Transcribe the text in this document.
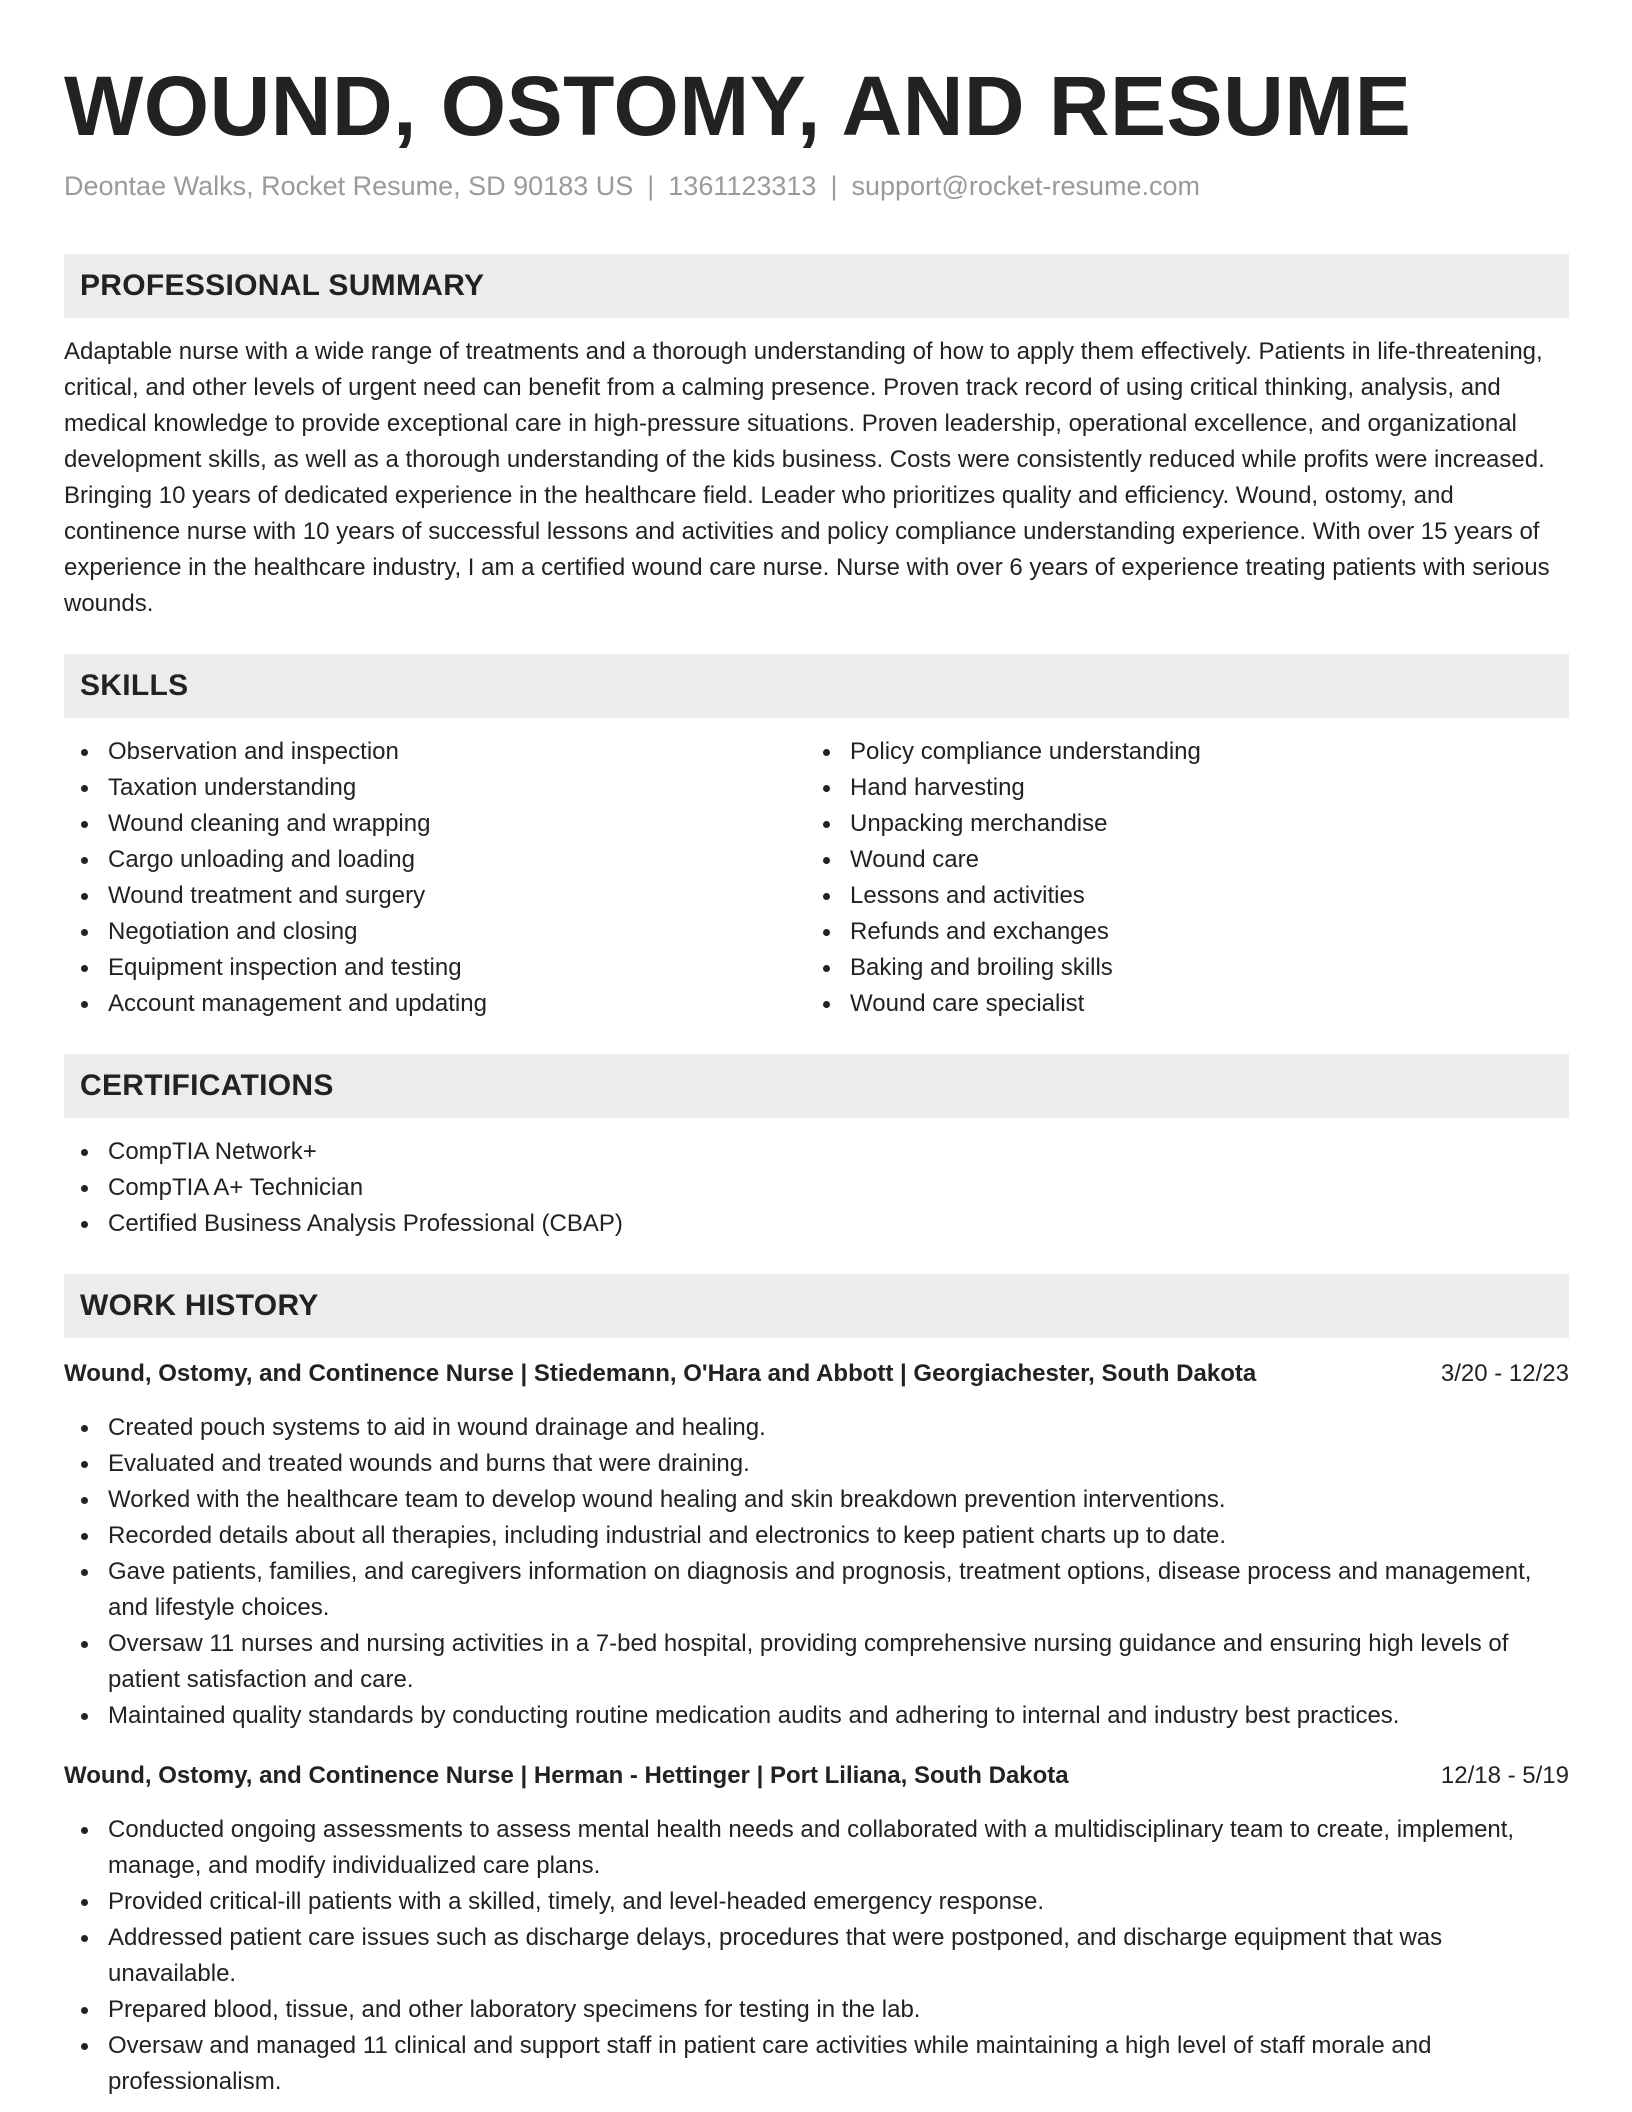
WOUND, OSTOMY, AND RESUME
Deontae Walks, Rocket Resume, SD 90183 US | 1361123313 | support@rocket-resume.com
PROFESSIONAL SUMMARY
Adaptable nurse with a wide range of treatments and a thorough understanding of how to apply them effectively. Patients in life-threatening, critical, and other levels of urgent need can benefit from a calming presence. Proven track record of using critical thinking, analysis, and medical knowledge to provide exceptional care in high-pressure situations. Proven leadership, operational excellence, and organizational development skills, as well as a thorough understanding of the kids business. Costs were consistently reduced while profits were increased. Bringing 10 years of dedicated experience in the healthcare field. Leader who prioritizes quality and efficiency. Wound, ostomy, and continence nurse with 10 years of successful lessons and activities and policy compliance understanding experience. With over 15 years of experience in the healthcare industry, I am a certified wound care nurse. Nurse with over 6 years of experience treating patients with serious wounds.
SKILLS
Observation and inspection
Taxation understanding
Wound cleaning and wrapping
Cargo unloading and loading
Wound treatment and surgery
Negotiation and closing
Equipment inspection and testing
Account management and updating
Policy compliance understanding
Hand harvesting
Unpacking merchandise
Wound care
Lessons and activities
Refunds and exchanges
Baking and broiling skills
Wound care specialist
CERTIFICATIONS
CompTIA Network+
CompTIA A+ Technician
Certified Business Analysis Professional (CBAP)
WORK HISTORY
Wound, Ostomy, and Continence Nurse | Stiedemann, O'Hara and Abbott | Georgiachester, South Dakota	3/20 - 12/23
Created pouch systems to aid in wound drainage and healing.
Evaluated and treated wounds and burns that were draining.
Worked with the healthcare team to develop wound healing and skin breakdown prevention interventions.
Recorded details about all therapies, including industrial and electronics to keep patient charts up to date.
Gave patients, families, and caregivers information on diagnosis and prognosis, treatment options, disease process and management, and lifestyle choices.
Oversaw 11 nurses and nursing activities in a 7-bed hospital, providing comprehensive nursing guidance and ensuring high levels of patient satisfaction and care.
Maintained quality standards by conducting routine medication audits and adhering to internal and industry best practices.
Wound, Ostomy, and Continence Nurse | Herman - Hettinger | Port Liliana, South Dakota	12/18 - 5/19
Conducted ongoing assessments to assess mental health needs and collaborated with a multidisciplinary team to create, implement, manage, and modify individualized care plans.
Provided critical-ill patients with a skilled, timely, and level-headed emergency response.
Addressed patient care issues such as discharge delays, procedures that were postponed, and discharge equipment that was unavailable.
Prepared blood, tissue, and other laboratory specimens for testing in the lab.
Oversaw and managed 11 clinical and support staff in patient care activities while maintaining a high level of staff morale and professionalism.
